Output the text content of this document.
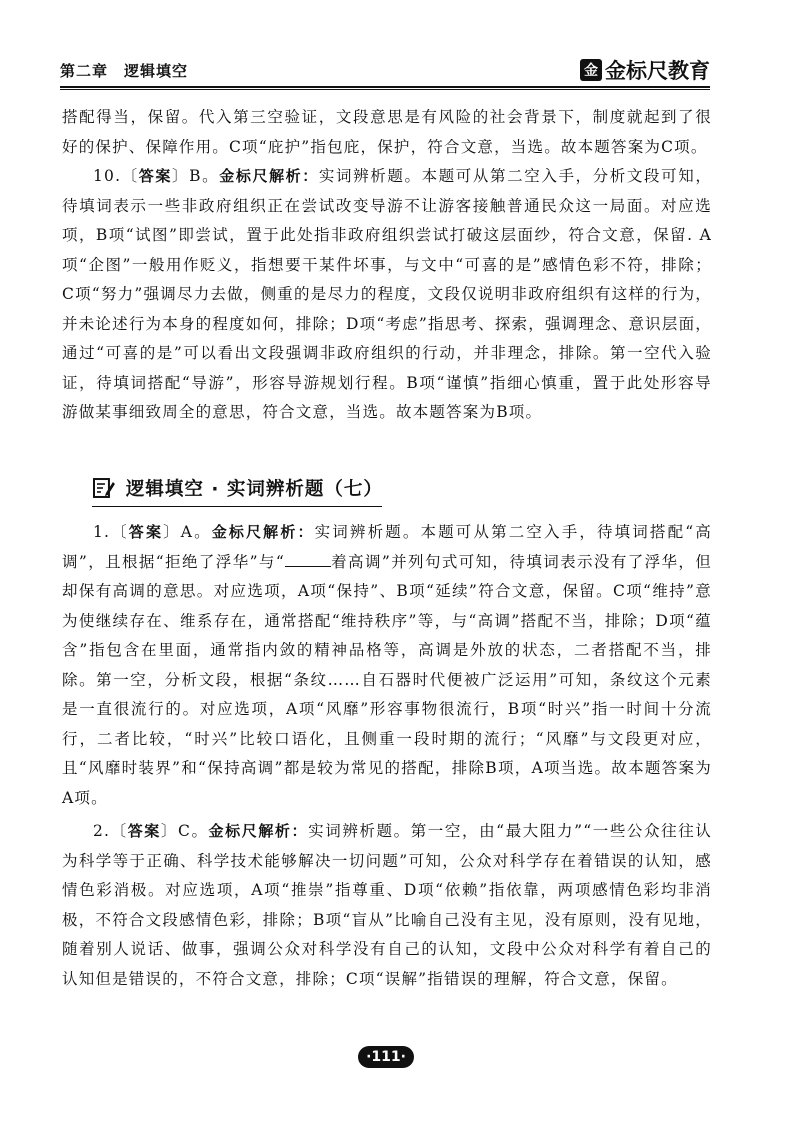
第二章　逻辑填空	金 金标尺教育

搭配得当，保留。代入第三空验证，文段意思是有风险的社会背景下，制度就起到了很好的保护、保障作用。C项“庇护”指包庇，保护，符合文意，当选。故本题答案为C项。

10.〔答案〕B。金标尺解析：实词辨析题。本题可从第二空入手，分析文段可知，待填词表示一些非政府组织正在尝试改变导游不让游客接触普通民众这一局面。对应选项，B项“试图”即尝试，置于此处指非政府组织尝试打破这层面纱，符合文意，保留. A项“企图”一般用作贬义，指想要干某件坏事，与文中“可喜的是”感情色彩不符，排除；C项“努力”强调尽力去做，侧重的是尽力的程度，文段仅说明非政府组织有这样的行为，并未论述行为本身的程度如何，排除；D项“考虑”指思考、探索，强调理念、意识层面，通过“可喜的是”可以看出文段强调非政府组织的行动，并非理念，排除。第一空代入验证，待填词搭配“导游”，形容导游规划行程。B项“谨慎”指细心慎重，置于此处形容导游做某事细致周全的意思，符合文意，当选。故本题答案为B项。

逻辑填空 · 实词辨析题（七）

1.〔答案〕A。金标尺解析：实词辨析题。本题可从第二空入手，待填词搭配“高调”，且根据“拒绝了浮华”与“	着高调”并列句式可知，待填词表示没有了浮华，但却保有高调的意思。对应选项，A项“保持”、B项“延续”符合文意，保留。C项“维持”意为使继续存在、维系存在，通常搭配“维持秩序”等，与“高调”搭配不当，排除；D项“蕴含”指包含在里面，通常指内敛的精神品格等，高调是外放的状态，二者搭配不当，排除。第一空，分析文段，根据“条纹……自石器时代便被广泛运用”可知，条纹这个元素是一直很流行的。对应选项，A项“风靡”形容事物很流行，B项“时兴”指一时间十分流行，二者比较，“时兴”比较口语化，且侧重一段时期的流行；“风靡”与文段更对应，且“风靡时装界”和“保持高调”都是较为常见的搭配，排除B项，A项当选。故本题答案为A项。

2.〔答案〕C。金标尺解析：实词辨析题。第一空，由“最大阻力”“一些公众往往认为科学等于正确、科学技术能够解决一切问题”可知，公众对科学存在着错误的认知，感情色彩消极。对应选项，A项“推崇”指尊重、D项“依赖”指依靠，两项感情色彩均非消极，不符合文段感情色彩，排除；B项“盲从”比喻自己没有主见，没有原则，没有见地，随着别人说话、做事，强调公众对科学没有自己的认知，文段中公众对科学有着自己的认知但是错误的，不符合文意，排除；C项“误解”指错误的理解，符合文意，保留。

·111·
